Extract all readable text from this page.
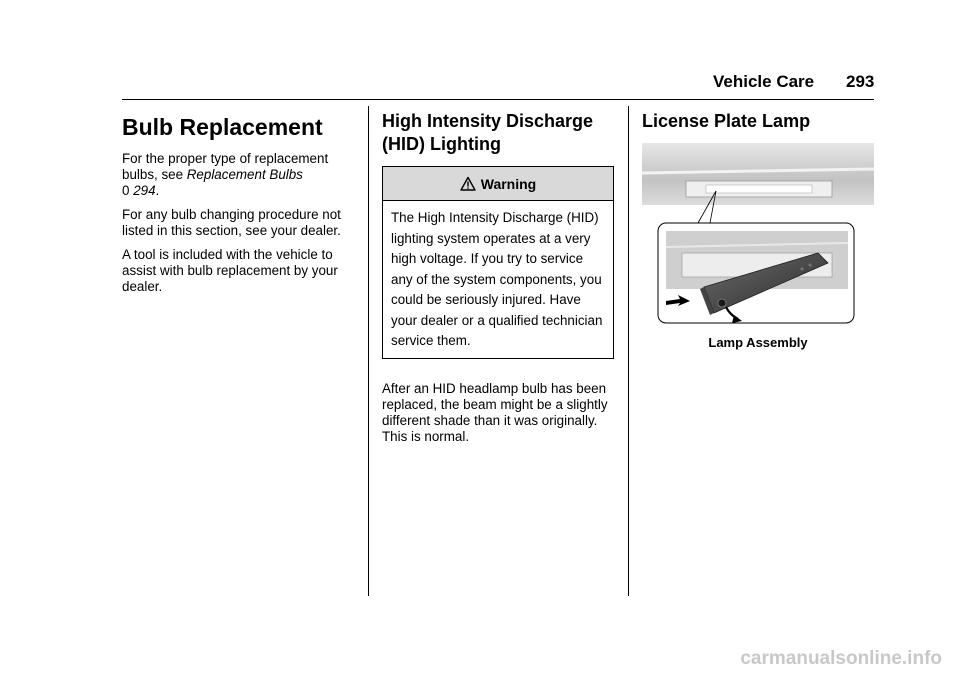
Vehicle Care 293
Bulb Replacement

For the proper type of replacement bulbs, see Replacement Bulbs
0 294.

For any bulb changing procedure not listed in this section, see your dealer.

A tool is included with the vehicle to assist with bulb replacement by your dealer.

High Intensity Discharge
(HID) Lighting
Warning
The High Intensity Discharge (HID) lighting system operates at a very high voltage. If you try to service any of the system components, you could be seriously injured. Have your dealer or a qualified technician service them.

After an HID headlamp bulb has been replaced, the beam might be a slightly different shade than it was originally. This is normal.

License Plate Lamp
Lamp Assembly
carmanualsonline.info
